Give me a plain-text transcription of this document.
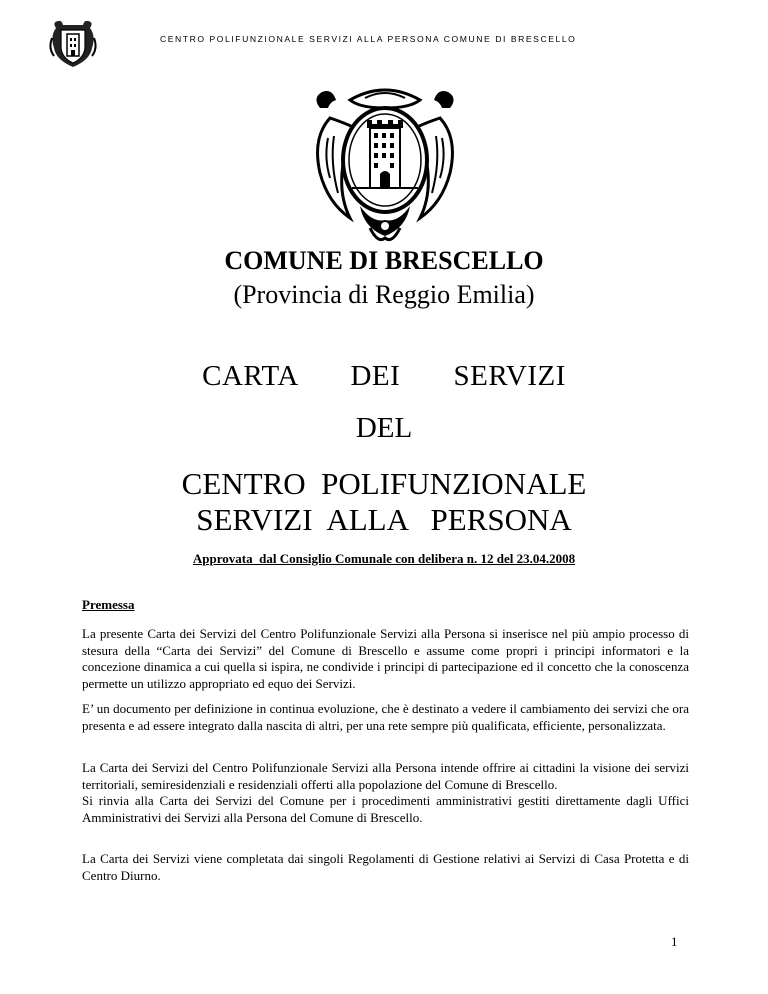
CENTRO POLIFUNZIONALE SERVIZI ALLA PERSONA COMUNE DI BRESCELLO
COMUNE DI BRESCELLO
(Provincia di Reggio Emilia)
CARTA   DEI   SERVIZI
DEL
CENTRO  POLIFUNZIONALE
SERVIZI  ALLA   PERSONA
Approvata  dal Consiglio Comunale con delibera n. 12 del 23.04.2008
Premessa
La presente Carta dei Servizi del Centro Polifunzionale Servizi alla Persona si inserisce nel più ampio processo di stesura della “Carta dei Servizi” del Comune di Brescello e assume come propri i principi informatori e la concezione dinamica a cui quella si ispira, ne condivide i principi di partecipazione ed il concetto che la conoscenza permette un utilizzo appropriato ed equo dei Servizi.
E’ un documento per definizione in continua evoluzione, che è destinato a vedere il cambiamento dei servizi che ora presenta e ad essere integrato dalla nascita di altri, per una rete sempre più qualificata, efficiente, personalizzata.
La Carta dei Servizi del Centro Polifunzionale Servizi alla Persona intende offrire ai cittadini la visione dei servizi territoriali, semiresidenziali e residenziali offerti alla popolazione del Comune di Brescello.
Si rinvia alla Carta dei Servizi del Comune per i procedimenti amministrativi gestiti direttamente dagli Uffici Amministrativi dei Servizi alla Persona del Comune di Brescello.
La Carta dei Servizi viene completata dai singoli Regolamenti di Gestione relativi ai Servizi di Casa Protetta e di Centro Diurno.
1
